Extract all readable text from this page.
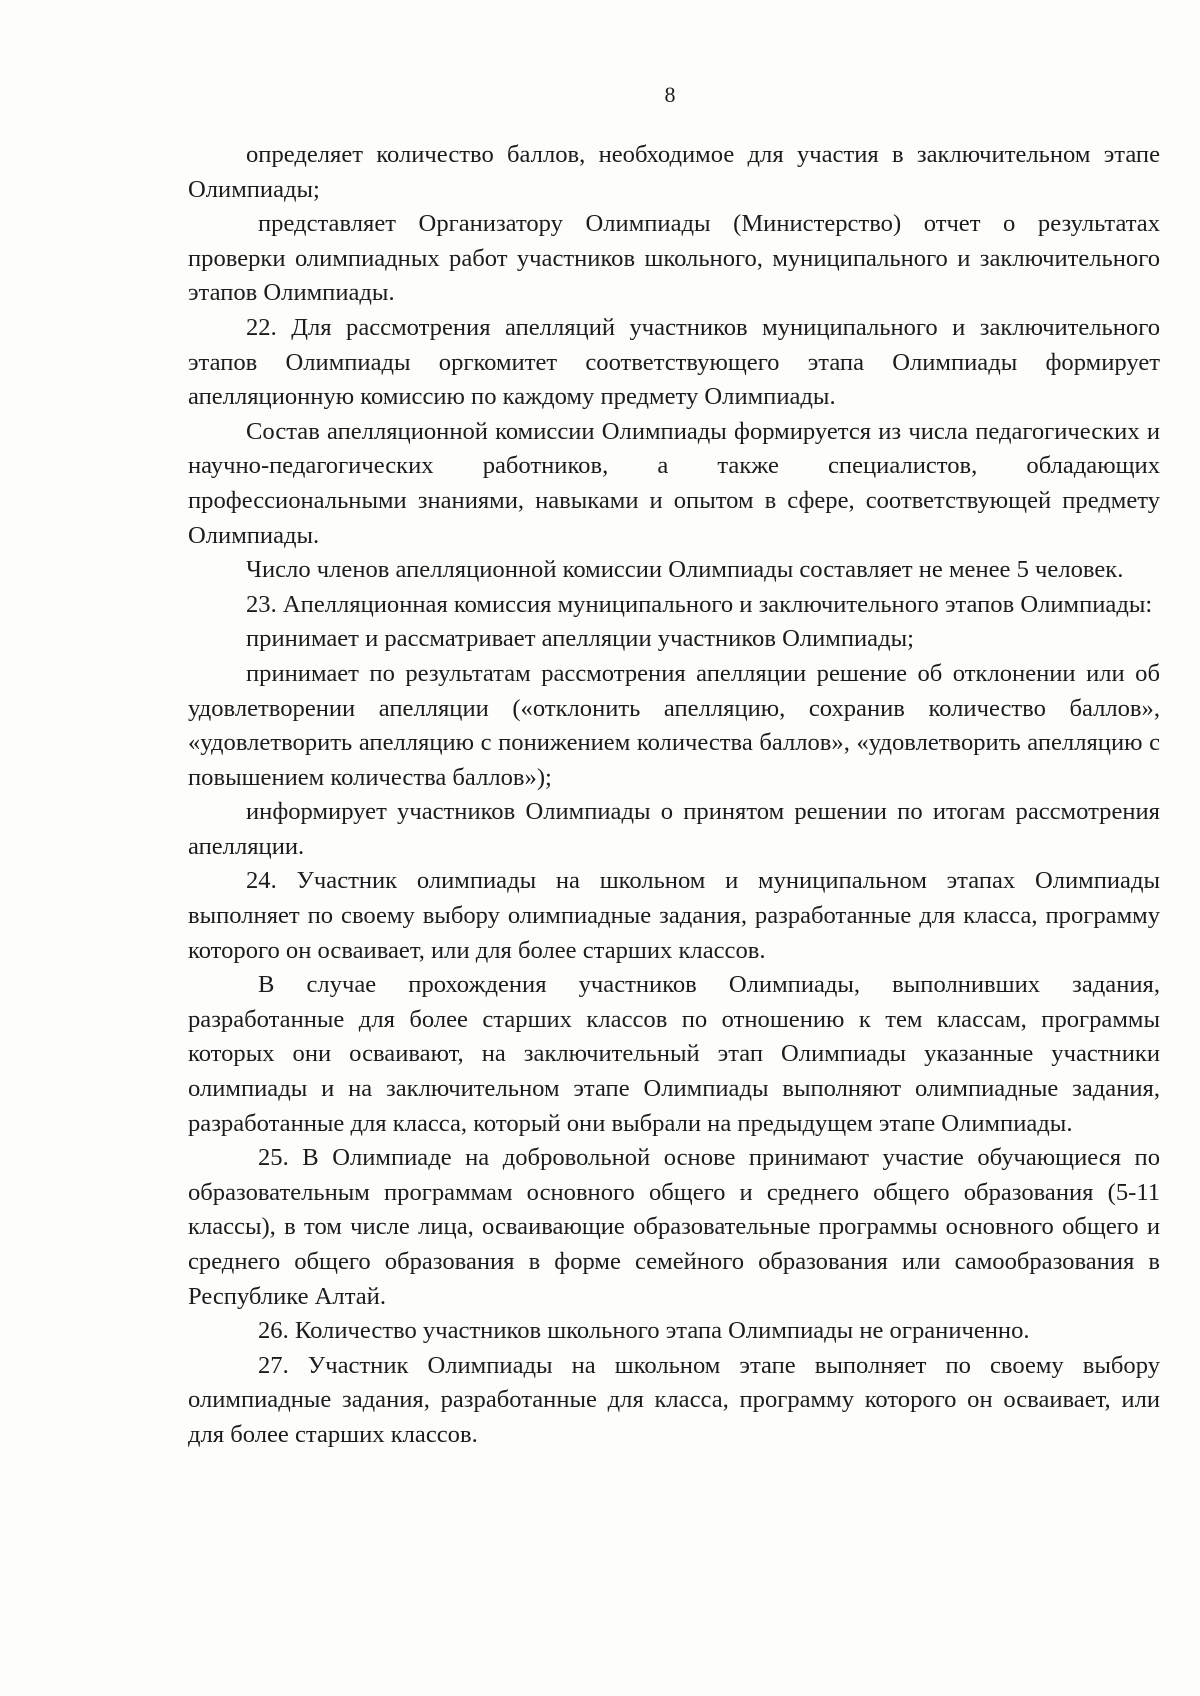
8

определяет количество баллов, необходимое для участия в заключительном этапе Олимпиады;

представляет Организатору Олимпиады (Министерство) отчет о результатах проверки олимпиадных работ участников школьного, муниципального и заключительного этапов Олимпиады.

22. Для рассмотрения апелляций участников муниципального и заключительного этапов Олимпиады оргкомитет соответствующего этапа Олимпиады формирует апелляционную комиссию по каждому предмету Олимпиады.

Состав апелляционной комиссии Олимпиады формируется из числа педагогических и научно-педагогических работников, а также специалистов, обладающих профессиональными знаниями, навыками и опытом в сфере, соответствующей предмету Олимпиады.

Число членов апелляционной комиссии Олимпиады составляет не менее 5 человек.

23. Апелляционная комиссия муниципального и заключительного этапов Олимпиады:

принимает и рассматривает апелляции участников Олимпиады;

принимает по результатам рассмотрения апелляции решение об отклонении или об удовлетворении апелляции («отклонить апелляцию, сохранив количество баллов», «удовлетворить апелляцию с понижением количества баллов», «удовлетворить апелляцию с повышением количества баллов»);

информирует участников Олимпиады о принятом решении по итогам рассмотрения апелляции.

24. Участник олимпиады на школьном и муниципальном этапах Олимпиады выполняет по своему выбору олимпиадные задания, разработанные для класса, программу которого он осваивает, или для более старших классов.

В случае прохождения участников Олимпиады, выполнивших задания, разработанные для более старших классов по отношению к тем классам, программы которых они осваивают, на заключительный этап Олимпиады указанные участники олимпиады и на заключительном этапе Олимпиады выполняют олимпиадные задания, разработанные для класса, который они выбрали на предыдущем этапе Олимпиады.

25. В Олимпиаде на добровольной основе принимают участие обучающиеся по образовательным программам основного общего и среднего общего образования (5-11 классы), в том числе лица, осваивающие образовательные программы основного общего и среднего общего образования в форме семейного образования или самообразования в Республике Алтай.

26. Количество участников школьного этапа Олимпиады не ограниченно.

27. Участник Олимпиады на школьном этапе выполняет по своему выбору олимпиадные задания, разработанные для класса, программу которого он осваивает, или для более старших классов.
